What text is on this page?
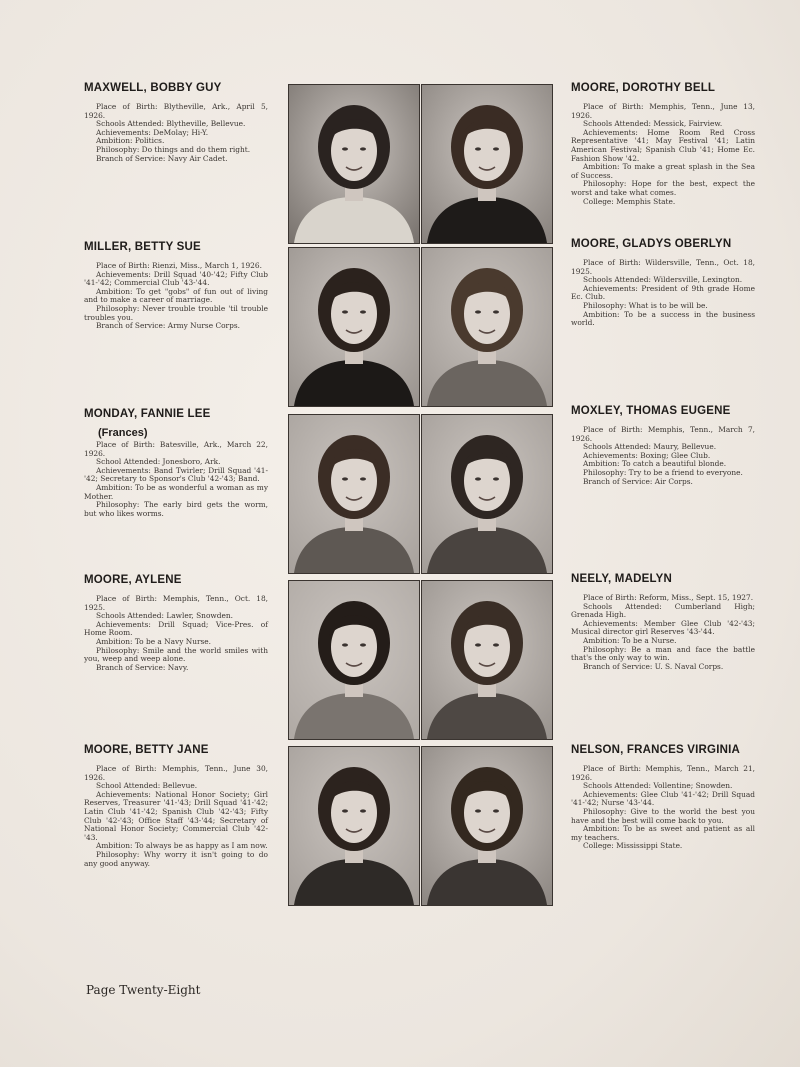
MAXWELL, BOBBY GUY

Place of Birth: Blytheville, Ark., April 5, 1926.

Schools Attended: Blytheville, Bellevue.

Achievements: DeMolay; Hi-Y.

Ambition: Politics.

Philosophy: Do things and do them right.

Branch of Service: Navy Air Cadet.

MILLER, BETTY SUE

Place of Birth: Rienzi, Miss., March 1, 1926.

Achievements: Drill Squad '40-'42; Fifty Club '41-'42; Commercial Club '43-'44.

Ambition: To get "gobs" of fun out of living and to make a career of marriage.

Philosophy: Never trouble trouble 'til trouble troubles you.

Branch of Service: Army Nurse Corps.

MONDAY, FANNIE LEE
(Frances)

Place of Birth: Batesville, Ark., March 22, 1926.

School Attended: Jonesboro, Ark.

Achievements: Band Twirler; Drill Squad '41-'42; Secretary to Sponsor's Club '42-'43; Band.

Ambition: To be as wonderful a woman as my Mother.

Philosophy: The early bird gets the worm, but who likes worms.

MOORE, AYLENE

Place of Birth: Memphis, Tenn., Oct. 18, 1925.

Schools Attended: Lawler, Snowden.

Achievements: Drill Squad; Vice-Pres. of Home Room.

Ambition: To be a Navy Nurse.

Philosophy: Smile and the world smiles with you, weep and weep alone.

Branch of Service: Navy.

MOORE, BETTY JANE

Place of Birth: Memphis, Tenn., June 30, 1926.

School Attended: Bellevue.

Achievements: National Honor Society; Girl Reserves, Treasurer '41-'43; Drill Squad '41-'42; Latin Club '41-'42; Spanish Club '42-'43; Fifty Club '42-'43; Office Staff '43-'44; Secretary of National Honor Society; Commercial Club '42-'43.

Ambition: To always be as happy as I am now.

Philosophy: Why worry it isn't going to do any good anyway.

MOORE, DOROTHY BELL

Place of Birth: Memphis, Tenn., June 13, 1926.

Schools Attended: Messick, Fairview.

Achievements: Home Room Red Cross Representative '41; May Festival '41; Latin American Festival; Spanish Club '41; Home Ec. Fashion Show '42.

Ambition: To make a great splash in the Sea of Success.

Philosophy: Hope for the best, expect the worst and take what comes.

College: Memphis State.

MOORE, GLADYS OBERLYN

Place of Birth: Wildersville, Tenn., Oct. 18, 1925.

Schools Attended: Wildersville, Lexington.

Achievements: President of 9th grade Home Ec. Club.

Philosophy: What is to be will be.

Ambition: To be a success in the business world.

MOXLEY, THOMAS EUGENE

Place of Birth: Memphis, Tenn., March 7, 1926.

Schools Attended: Maury, Bellevue.

Achievements: Boxing; Glee Club.

Ambition: To catch a beautiful blonde.

Philosophy: Try to be a friend to everyone.

Branch of Service: Air Corps.

NEELY, MADELYN

Place of Birth: Reform, Miss., Sept. 15, 1927.

Schools Attended: Cumberland High; Grenada High.

Achievements: Member Glee Club '42-'43; Musical director girl Reserves '43-'44.

Ambition: To be a Nurse.

Philosophy: Be a man and face the battle that's the only way to win.

Branch of Service: U. S. Naval Corps.

NELSON, FRANCES VIRGINIA

Place of Birth: Memphis, Tenn., March 21, 1926.

Schools Attended: Vollentine; Snowden.

Achievements: Glee Club '41-'42; Drill Squad '41-'42; Nurse '43-'44.

Philosophy: Give to the world the best you have and the best will come back to you.

Ambition: To be as sweet and patient as all my teachers.

College: Mississippi State.

Page Twenty-Eight
